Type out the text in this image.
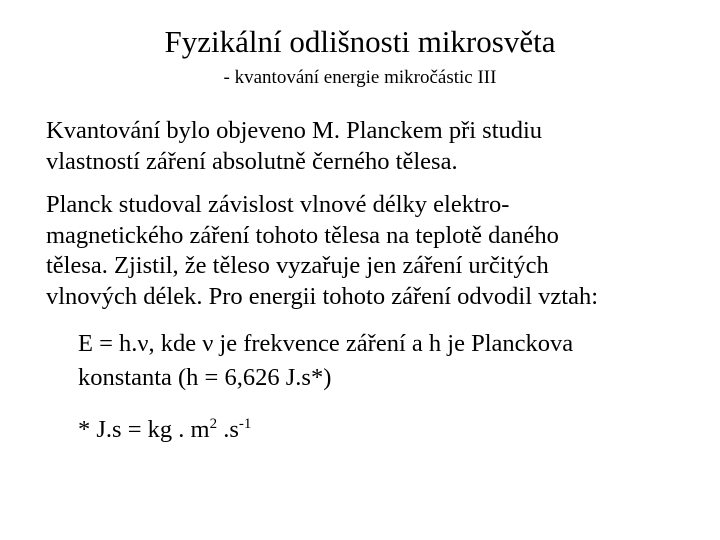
Fyzikální odlišnosti mikrosvěta
- kvantování energie mikročástic III
Kvantování bylo objeveno M. Planckem při studiu
vlastností záření absolutně černého tělesa.
Planck studoval závislost vlnové délky elektro-
magnetického záření tohoto tělesa na teplotě daného
tělesa. Zjistil, že těleso vyzařuje jen záření určitých
vlnových délek. Pro energii tohoto záření odvodil vztah:
E = h.ν, kde ν je frekvence záření a h je Planckova
konstanta (h = 6,626 J.s*)
* J.s = kg . $m^2$ $.s^{-1}$
